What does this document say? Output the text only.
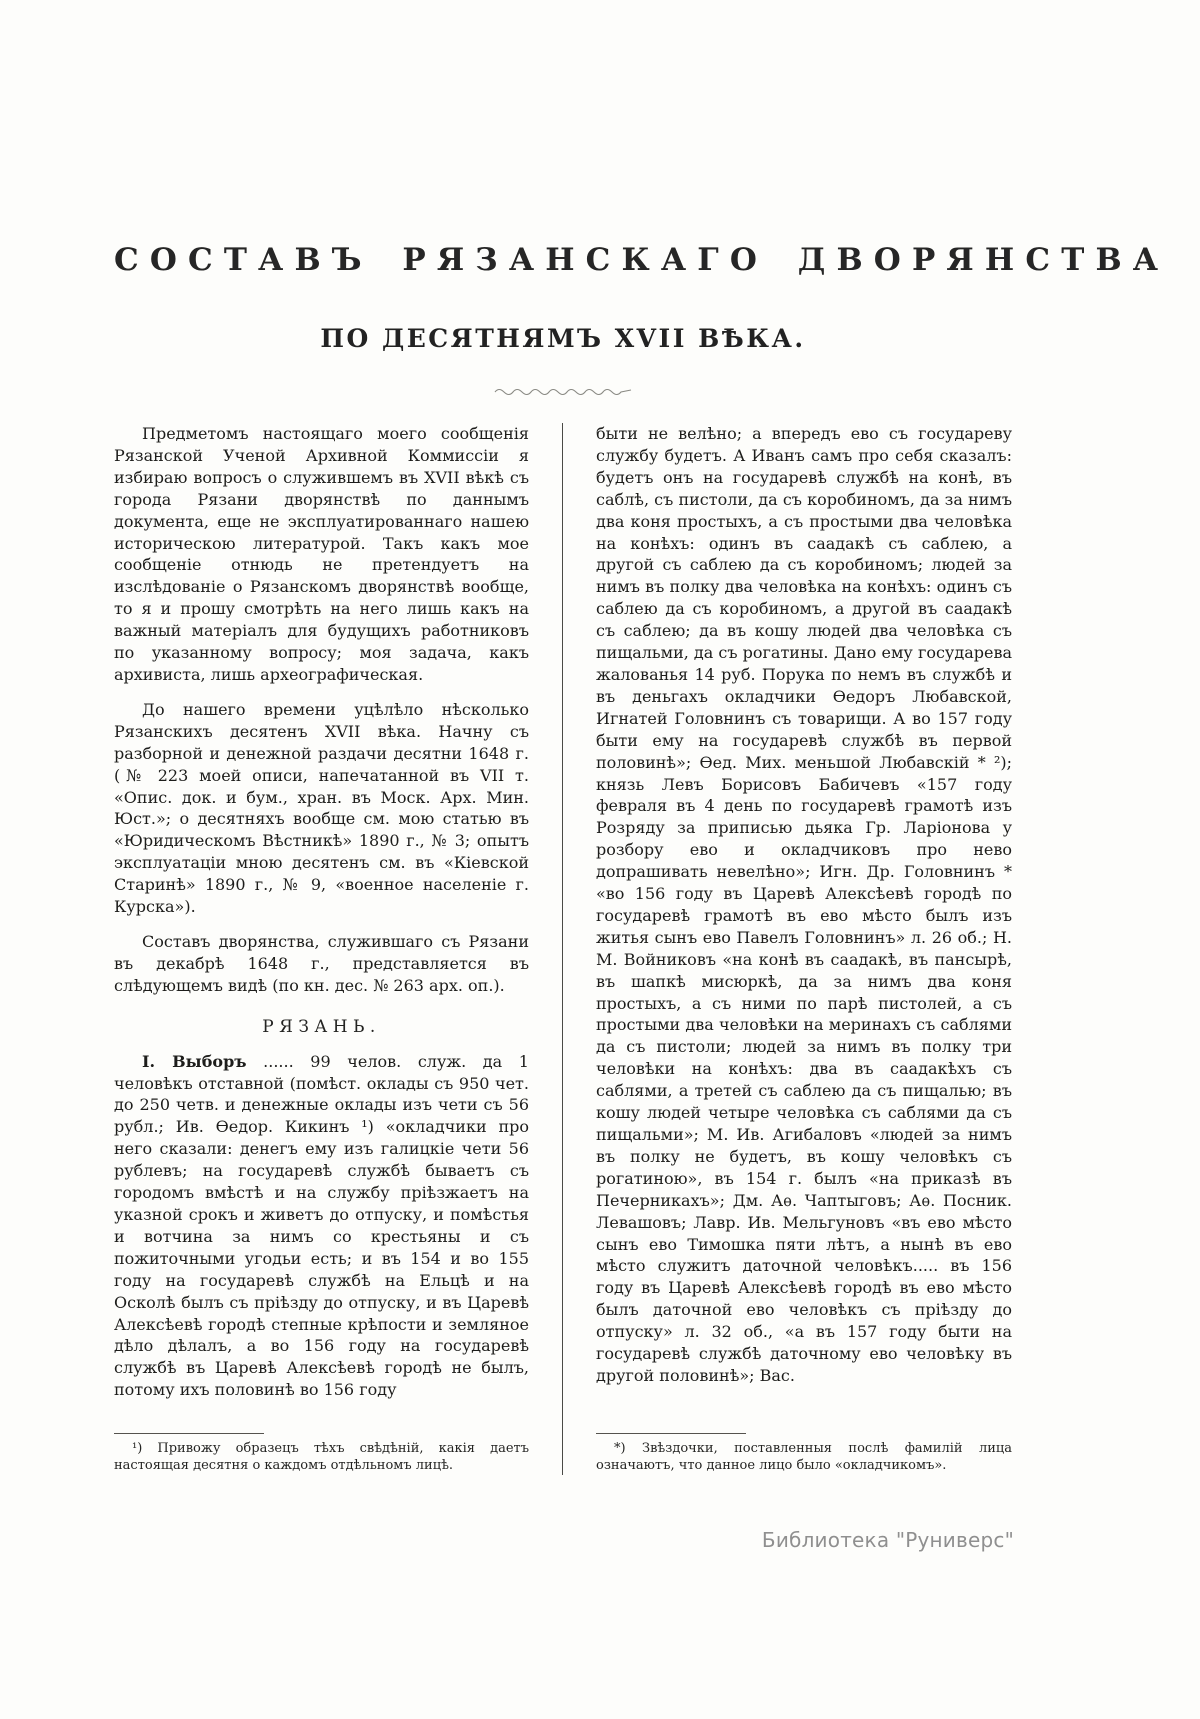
СОСТАВЪ РЯЗАНСКАГО ДВОРЯНСТВА
ПО ДЕСЯТНЯМЪ XVII ВѢКА.

Предметомъ настоящаго моего сообщенія Рязанской Ученой Архивной Коммиссіи я избираю вопросъ о служившемъ въ XVII вѣкѣ съ города Рязани дворянствѣ по даннымъ документа, еще не эксплуатированнаго нашею историческою литературой. Такъ какъ мое сообщеніе отнюдь не претендуетъ на изслѣдованіе о Рязанскомъ дворянствѣ вообще, то я и прошу смотрѣть на него лишь какъ на важный матеріалъ для будущихъ работниковъ по указанному вопросу; моя задача, какъ архивиста, лишь археографическая.

До нашего времени уцѣлѣло нѣсколько Рязанскихъ десятенъ XVII вѣка. Начну съ разборной и денежной раздачи десятни 1648 г. (№ 223 моей описи, напечатанной въ VII т. «Опис. док. и бум., хран. въ Моск. Арх. Мин. Юст.»; о десятняхъ вообще см. мою статью въ «Юридическомъ Вѣстникѣ» 1890 г., № 3; опытъ эксплуатаціи мною десятенъ см. въ «Кіевской Старинѣ» 1890 г., № 9, «военное населеніе г. Курска»).

Составъ дворянства, служившаго съ Рязани въ декабрѣ 1648 г., представляется въ слѣдующемъ видѣ (по кн. дес. № 263 арх. оп.).

РЯЗАНЬ.

I. Выборъ ...... 99 челов. служ. да 1 человѣкъ отставной (помѣст. оклады съ 950 чет. до 250 четв. и денежные оклады изъ чети съ 56 рубл.; Ив. Ѳедор. Кикинъ ¹) «окладчики про него сказали: денегъ ему изъ галицкіе чети 56 рублевъ; на государевѣ службѣ бываетъ съ городомъ вмѣстѣ и на службу пріѣзжаетъ на указной срокъ и живетъ до отпуску, и помѣстья и вотчина за нимъ со крестьяны и съ пожиточными угодьи есть; и въ 154 и во 155 году на государевѣ службѣ на Ельцѣ и на Осколѣ былъ съ пріѣзду до отпуску, и въ Царевѣ Алексѣевѣ городѣ степные крѣпости и земляное дѣло дѣлалъ, а во 156 году на государевѣ службѣ въ Царевѣ Алексѣевѣ городѣ не былъ, потому ихъ половинѣ во 156 году

¹) Привожу образецъ тѣхъ свѣдѣній, какія даетъ настоящая десятня о каждомъ отдѣльномъ лицѣ.

быти не велѣно; а впередъ ево съ государеву службу будетъ. А Иванъ самъ про себя сказалъ: будетъ онъ на государевѣ службѣ на конѣ, въ саблѣ, съ пистоли, да съ коробиномъ, да за нимъ два коня простыхъ, а съ простыми два человѣка на конѣхъ: одинъ въ саадакѣ съ саблею, а другой съ саблею да съ коробиномъ; людей за нимъ въ полку два человѣка на конѣхъ: одинъ съ саблею да съ коробиномъ, а другой въ саадакѣ съ саблею; да въ кошу людей два человѣка съ пищальми, да съ рогатины. Дано ему государева жалованья 14 руб. Порука по немъ въ службѣ и въ деньгахъ окладчики Ѳедоръ Любавской, Игнатей Головнинъ съ товарищи. А во 157 году быти ему на государевѣ службѣ въ первой половинѣ»; Ѳед. Мих. меньшой Любавскій * ²); князь Левъ Борисовъ Бабичевъ «157 году февраля въ 4 день по государевѣ грамотѣ изъ Розряду за приписью дьяка Гр. Ларіонова у розбору ево и окладчиковъ про нево допрашивать невелѣно»; Игн. Др. Головнинъ * «во 156 году въ Царевѣ Алексѣевѣ городѣ по государевѣ грамотѣ въ ево мѣсто былъ изъ житья сынъ ево Павелъ Головнинъ» л. 26 об.; Н. М. Войниковъ «на конѣ въ саадакѣ, въ пансырѣ, въ шапкѣ мисюркѣ, да за нимъ два коня простыхъ, а съ ними по парѣ пистолей, а съ простыми два человѣки на меринахъ съ саблями да съ пистоли; людей за нимъ въ полку три человѣки на конѣхъ: два въ саадакѣхъ съ саблями, а третей съ саблею да съ пищалью; въ кошу людей четыре человѣка съ саблями да съ пищальми»; М. Ив. Агибаловъ «людей за нимъ въ полку не будетъ, въ кошу человѣкъ съ рогатиною», въ 154 г. былъ «на приказѣ въ Печерникахъ»; Дм. Аѳ. Чаптыговъ; Аѳ. Посник. Левашовъ; Лавр. Ив. Мельгуновъ «въ ево мѣсто сынъ ево Тимошка пяти лѣтъ, а нынѣ въ ево мѣсто служитъ даточной человѣкъ..... въ 156 году въ Царевѣ Алексѣевѣ городѣ въ ево мѣсто былъ даточной ево человѣкъ съ пріѣзду до отпуску» л. 32 об., «а въ 157 году быти на государевѣ службѣ даточному ево человѣку въ другой половинѣ»; Вас.

*) Звѣздочки, поставленныя послѣ фамилій лица означаютъ, что данное лицо было «окладчикомъ».

Библиотека "Руниверс"
